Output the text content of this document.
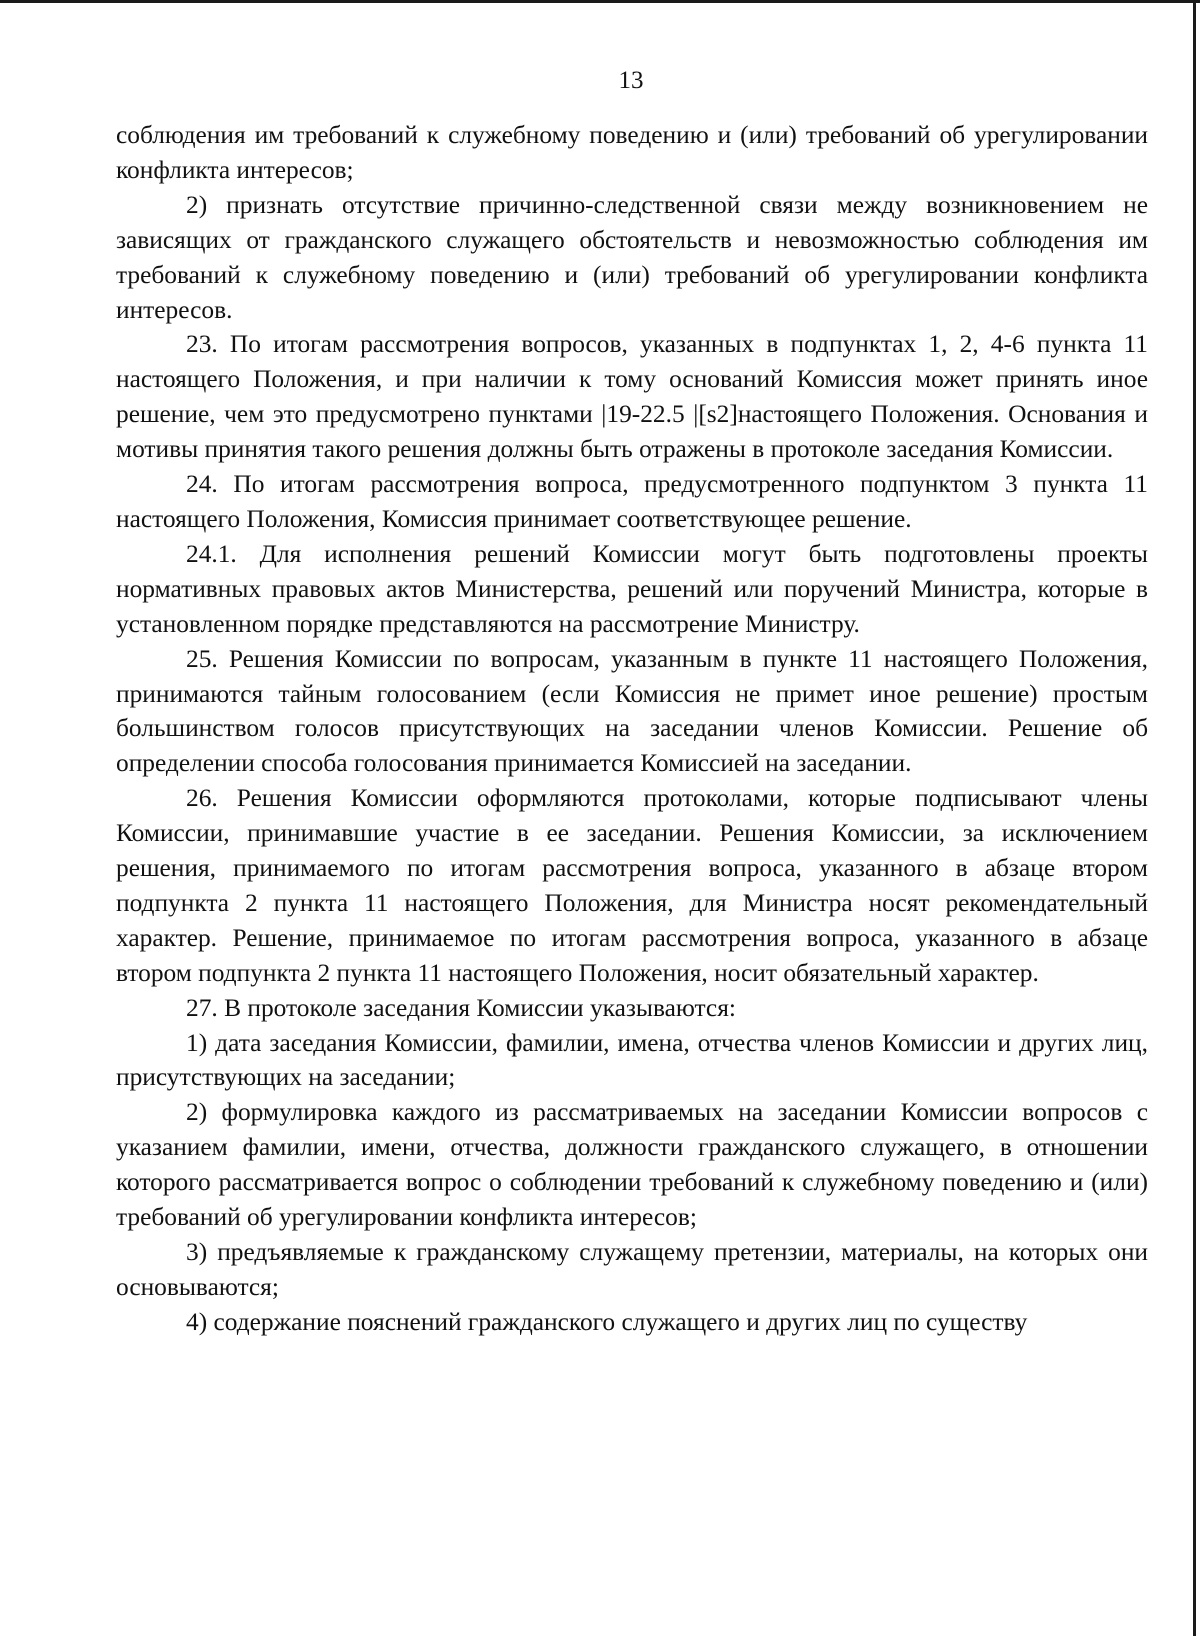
13

соблюдения им требований к служебному поведению и (или) требований об урегулировании конфликта интересов;

2) признать отсутствие причинно-следственной связи между возникновением не зависящих от гражданского служащего обстоятельств и невозможностью соблюдения им требований к служебному поведению и (или) требований об урегулировании конфликта интересов.

23. По итогам рассмотрения вопросов, указанных в подпунктах 1, 2, 4-6 пункта 11 настоящего Положения, и при наличии к тому оснований Комиссия может принять иное решение, чем это предусмотрено пунктами |19-22.5 |[s2]настоящего Положения. Основания и мотивы принятия такого решения должны быть отражены в протоколе заседания Комиссии.

24. По итогам рассмотрения вопроса, предусмотренного подпунктом 3 пункта 11 настоящего Положения, Комиссия принимает соответствующее решение.

24.1. Для исполнения решений Комиссии могут быть подготовлены проекты нормативных правовых актов Министерства, решений или поручений Министра, которые в установленном порядке представляются на рассмотрение Министру.

25. Решения Комиссии по вопросам, указанным в пункте 11 настоящего Положения, принимаются тайным голосованием (если Комиссия не примет иное решение) простым большинством голосов присутствующих на заседании членов Комиссии. Решение об определении способа голосования принимается Комиссией на заседании.

26. Решения Комиссии оформляются протоколами, которые подписывают члены Комиссии, принимавшие участие в ее заседании. Решения Комиссии, за исключением решения, принимаемого по итогам рассмотрения вопроса, указанного в абзаце втором подпункта 2 пункта 11 настоящего Положения, для Министра носят рекомендательный характер. Решение, принимаемое по итогам рассмотрения вопроса, указанного в абзаце втором подпункта 2 пункта 11 настоящего Положения, носит обязательный характер.

27. В протоколе заседания Комиссии указываются:

1) дата заседания Комиссии, фамилии, имена, отчества членов Комиссии и других лиц, присутствующих на заседании;

2) формулировка каждого из рассматриваемых на заседании Комиссии вопросов с указанием фамилии, имени, отчества, должности гражданского служащего, в отношении которого рассматривается вопрос о соблюдении требований к служебному поведению и (или) требований об урегулировании конфликта интересов;

3) предъявляемые к гражданскому служащему претензии, материалы, на которых они основываются;

4) содержание пояснений гражданского служащего и других лиц по существу
